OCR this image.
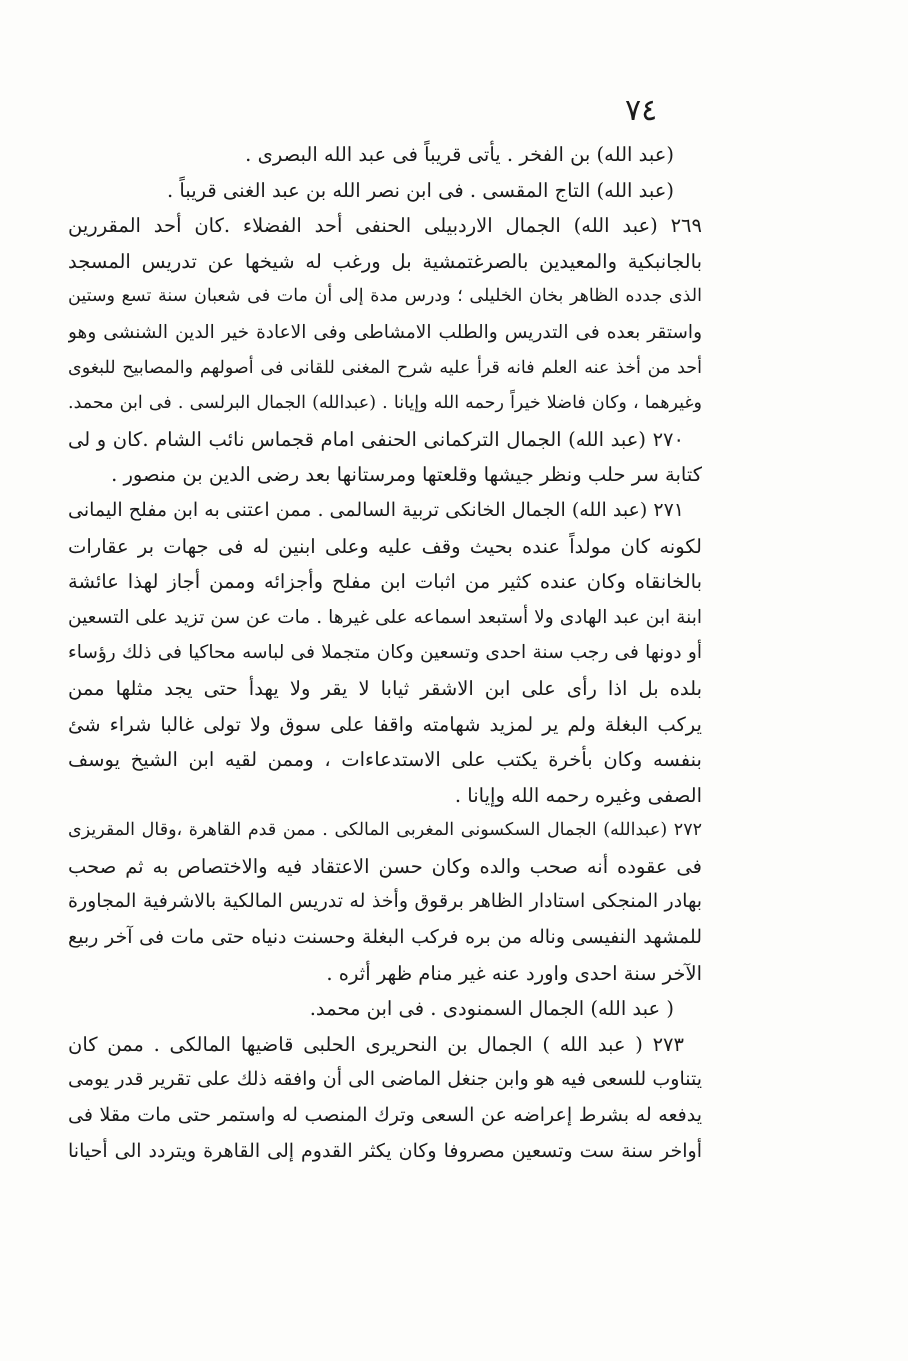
٧٤
(عبد الله) بن الفخر . يأتى قريباً فى عبد الله البصرى .
(عبد الله) التاج المقسى . فى ابن نصر الله بن عبد الغنى قريباً .
٢٦٩ (عبد الله) الجمال الاردبيلى الحنفى أحد الفضلاء .كان أحد المقررين
بالجانبكية والمعيدين بالصرغتمشية بل ورغب له شيخها عن تدريس المسجد
الذى جدده الظاهر بخان الخليلى ؛ ودرس مدة إلى أن مات فى شعبان سنة تسع وستين
واستقر بعده فى التدريس والطلب الامشاطى وفى الاعادة خير الدين الشنشى وهو
أحد من أخذ عنه العلم فانه قرأ عليه شرح المغنى للقانى فى أصولهم والمصابيح للبغوى
وغيرهما ، وكان فاضلا خيراً رحمه الله وإيانا . (عبدالله) الجمال البرلسى . فى ابن محمد.
٢٧٠ (عبد الله) الجمال التركمانى الحنفى امام قجماس نائب الشام .كان و لى
كتابة سر حلب ونظر جيشها وقلعتها ومرستانها بعد رضى الدين بن منصور .
٢٧١ (عبد الله) الجمال الخانكى تربية السالمى . ممن اعتنى به ابن مفلح اليمانى
لكونه كان مولداً عنده بحيث وقف عليه وعلى ابنين له فى جهات بر عقارات
بالخانقاه وكان عنده كثير من اثبات ابن مفلح وأجزائه وممن أجاز لهذا عائشة
ابنة ابن عبد الهادى ولا أستبعد اسماعه على غيرها . مات عن سن تزيد على التسعين
أو دونها فى رجب سنة احدى وتسعين وكان متجملا فى لباسه محاكيا فى ذلك رؤساء
بلده بل اذا رأى على ابن الاشقر ثيابا لا يقر ولا يهدأ حتى يجد مثلها ممن
يركب البغلة ولم ير لمزيد شهامته واقفا على سوق ولا تولى غالبا شراء شئ
بنفسه وكان بأخرة يكتب على الاستدعاءات ، وممن لقيه ابن الشيخ يوسف
الصفى وغيره رحمه الله وإيانا .
٢٧٢ (عبدالله) الجمال السكسونى المغربى المالكى . ممن قدم القاهرة ،وقال المقريزى
فى عقوده أنه صحب والده وكان حسن الاعتقاد فيه والاختصاص به ثم صحب
بهادر المنجكى استادار الظاهر برقوق وأخذ له تدريس المالكية بالاشرفية المجاورة
للمشهد النفيسى وناله من بره فركب البغلة وحسنت دنياه حتى مات فى آخر ربيع
الآخر سنة احدى واورد عنه غير منام ظهر أثره .
( عبد الله) الجمال السمنودى . فى ابن محمد.
٢٧٣ ( عبد الله ) الجمال بن النحريرى الحلبى قاضيها المالكى . ممن كان
يتناوب للسعى فيه هو وابن جنغل الماضى الى أن وافقه ذلك على تقرير قدر يومى
يدفعه له بشرط إعراضه عن السعى وترك المنصب له واستمر حتى مات مقلا فى
أواخر سنة ست وتسعين مصروفا وكان يكثر القدوم إلى القاهرة ويتردد الى أحيانا
